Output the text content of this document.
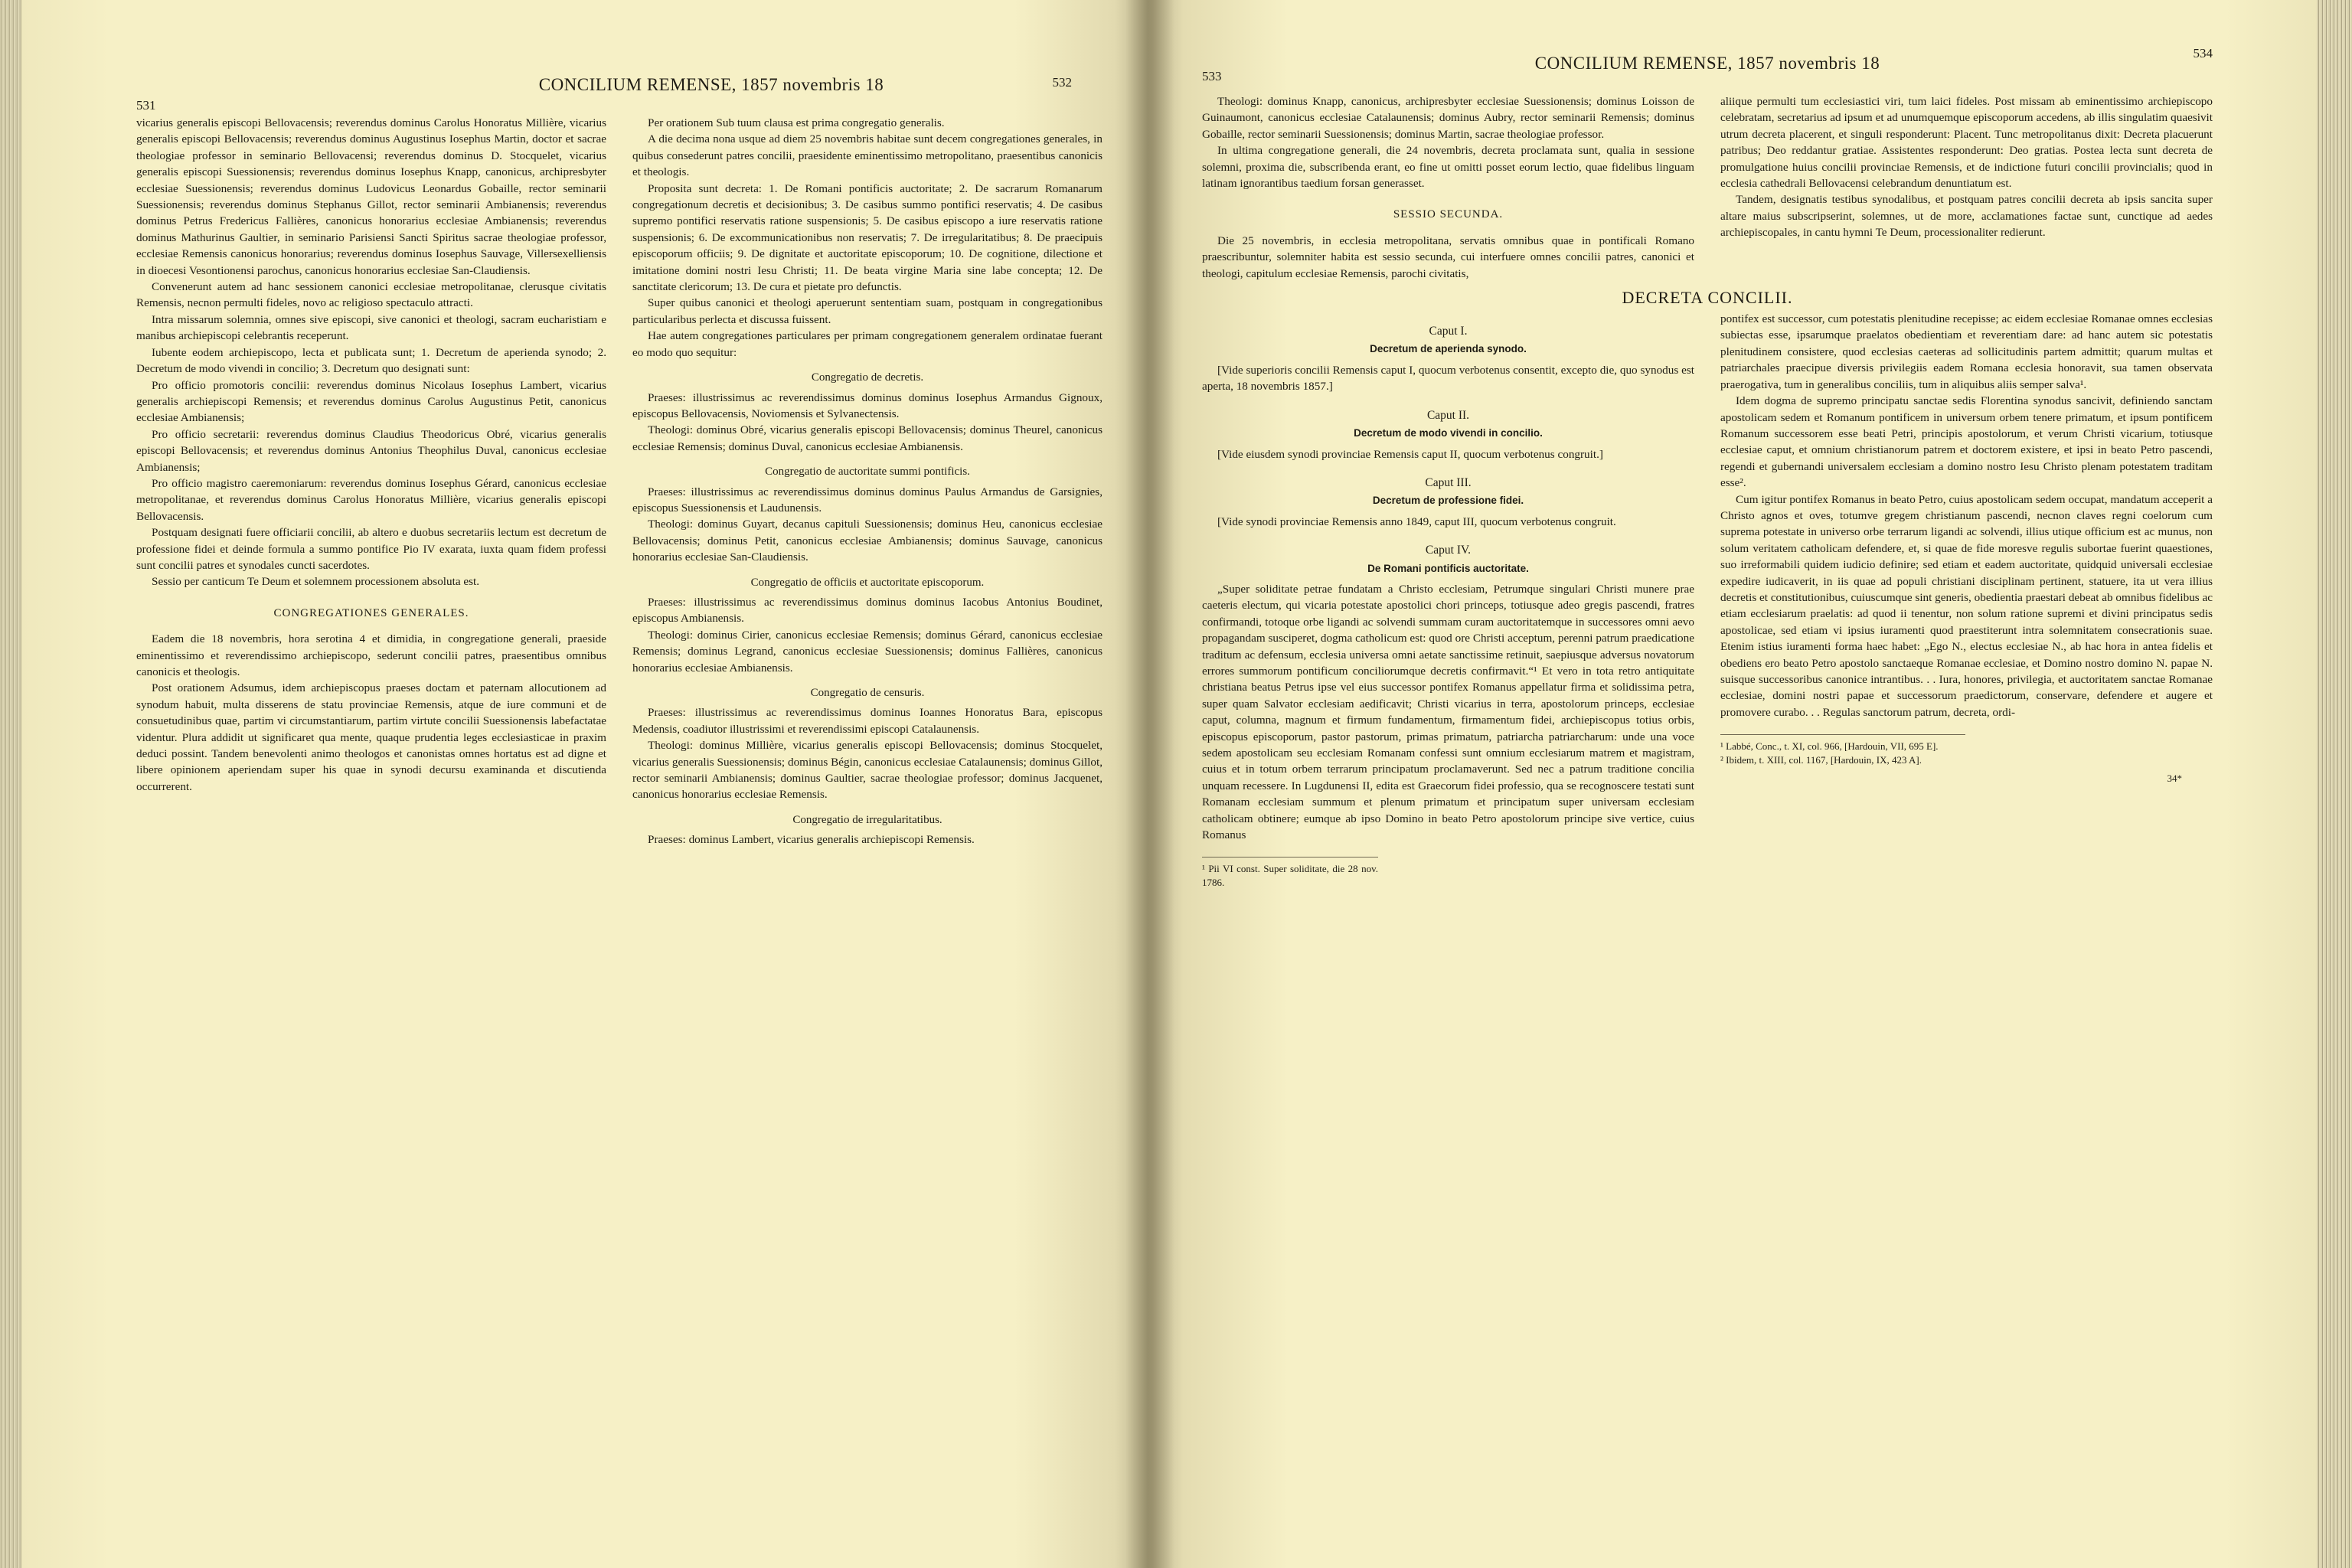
531
CONCILIUM REMENSE, 1857 novembris 18	532

vicarius generalis episcopi Bellovacensis; reverendus dominus Carolus Honoratus Millière, vicarius generalis episcopi Bellovacensis; reverendus dominus Augustinus Iosephus Martin, doctor et sacrae theologiae professor in seminario Bellovacensi; reverendus dominus D. Stocquelet, vicarius generalis episcopi Suessionensis; reverendus dominus Iosephus Knapp, canonicus, archipresbyter ecclesiae Suessionensis; reverendus dominus Ludovicus Leonardus Gobaille, rector seminarii Suessionensis; reverendus dominus Stephanus Gillot, rector seminarii Ambianensis; reverendus dominus Petrus Fredericus Fallières, canonicus honorarius ecclesiae Ambianensis; reverendus dominus Mathurinus Gaultier, in seminario Parisiensi Sancti Spiritus sacrae theologiae professor, ecclesiae Remensis canonicus honorarius; reverendus dominus Iosephus Sauvage, Villersexelliensis in dioecesi Vesontionensi parochus, canonicus honorarius ecclesiae San-Claudiensis.

Convenerunt autem ad hanc sessionem canonici ecclesiae metropolitanae, clerusque civitatis Remensis, necnon permulti fideles, novo ac religioso spectaculo attracti.

Intra missarum solemnia, omnes sive episcopi, sive canonici et theologi, sacram eucharistiam e manibus archiepiscopi celebrantis receperunt.

Iubente eodem archiepiscopo, lecta et publicata sunt; 1. Decretum de aperienda synodo; 2. Decretum de modo vivendi in concilio; 3. Decretum quo designati sunt:

Pro officio promotoris concilii: reverendus dominus Nicolaus Iosephus Lambert, vicarius generalis archiepiscopi Remensis; et reverendus dominus Carolus Augustinus Petit, canonicus ecclesiae Ambianensis;

Pro officio secretarii: reverendus dominus Claudius Theodoricus Obré, vicarius generalis episcopi Bellovacensis; et reverendus dominus Antonius Theophilus Duval, canonicus ecclesiae Ambianensis;

Pro officio magistro caeremoniarum: reverendus dominus Iosephus Gérard, canonicus ecclesiae metropolitanae, et reverendus dominus Carolus Honoratus Millière, vicarius generalis episcopi Bellovacensis.

Postquam designati fuere officiarii concilii, ab altero e duobus secretariis lectum est decretum de professione fidei et deinde formula a summo pontifice Pio IV exarata, iuxta quam fidem professi sunt concilii patres et synodales cuncti sacerdotes.

Sessio per canticum Te Deum et solemnem processionem absoluta est.

CONGREGATIONES GENERALES.

Eadem die 18 novembris, hora serotina 4 et dimidia, in congregatione generali, praeside eminentissimo et reverendissimo archiepiscopo, sederunt concilii patres, praesentibus omnibus canonicis et theologis.

Post orationem Adsumus, idem archiepiscopus praeses doctam et paternam allocutionem ad synodum habuit, multa disserens de statu provinciae Remensis, atque de iure communi et de consuetudinibus quae, partim vi circumstantiarum, partim virtute concilii Suessionensis labefactatae videntur. Plura addidit ut significaret qua mente, quaque prudentia leges ecclesiasticae in praxim deduci possint. Tandem benevolenti animo theologos et canonistas omnes hortatus est ad digne et libere opinionem aperiendam super his quae in synodi decursu examinanda et discutienda occurrerent.

Per orationem Sub tuum clausa est prima congregatio generalis.

A die decima nona usque ad diem 25 novembris habitae sunt decem congregationes generales, in quibus consederunt patres concilii, praesidente eminentissimo metropolitano, praesentibus canonicis et theologis.

Proposita sunt decreta: 1. De Romani pontificis auctoritate; 2. De sacrarum Romanarum congregationum decretis et decisionibus; 3. De casibus summo pontifici reservatis; 4. De casibus supremo pontifici reservatis ratione suspensionis; 5. De casibus episcopo a iure reservatis ratione suspensionis; 6. De excommunicationibus non reservatis; 7. De irregularitatibus; 8. De praecipuis episcoporum officiis; 9. De dignitate et auctoritate episcoporum; 10. De cognitione, dilectione et imitatione domini nostri Iesu Christi; 11. De beata virgine Maria sine labe concepta; 12. De sanctitate clericorum; 13. De cura et pietate pro defunctis.

Super quibus canonici et theologi aperuerunt sententiam suam, postquam in congregationibus particularibus perlecta et discussa fuissent.

Hae autem congregationes particulares per primam congregationem generalem ordinatae fuerant eo modo quo sequitur:

Congregatio de decretis.

Praeses: illustrissimus ac reverendissimus dominus dominus Iosephus Armandus Gignoux, episcopus Bellovacensis, Noviomensis et Sylvanectensis.

Theologi: dominus Obré, vicarius generalis episcopi Bellovacensis; dominus Theurel, canonicus ecclesiae Remensis; dominus Duval, canonicus ecclesiae Ambianensis.

Congregatio de auctoritate summi pontificis.

Praeses: illustrissimus ac reverendissimus dominus dominus Paulus Armandus de Garsignies, episcopus Suessionensis et Laudunensis.

Theologi: dominus Guyart, decanus capituli Suessionensis; dominus Heu, canonicus ecclesiae Bellovacensis; dominus Petit, canonicus ecclesiae Ambianensis; dominus Sauvage, canonicus honorarius ecclesiae San-Claudiensis.

Congregatio de officiis et auctoritate episcoporum.

Praeses: illustrissimus ac reverendissimus dominus dominus Iacobus Antonius Boudinet, episcopus Ambianensis.

Theologi: dominus Cirier, canonicus ecclesiae Remensis; dominus Gérard, canonicus ecclesiae Remensis; dominus Legrand, canonicus ecclesiae Suessionensis; dominus Fallières, canonicus honorarius ecclesiae Ambianensis.

Congregatio de censuris.

Praeses: illustrissimus ac reverendissimus dominus Ioannes Honoratus Bara, episcopus Medensis, coadiutor illustrissimi et reverendissimi episcopi Catalaunensis.

Theologi: dominus Millière, vicarius generalis episcopi Bellovacensis; dominus Stocquelet, vicarius generalis Suessionensis; dominus Bégin, canonicus ecclesiae Catalaunensis; dominus Gillot, rector seminarii Ambianensis; dominus Gaultier, sacrae theologiae professor; dominus Jacquenet, canonicus honorarius ecclesiae Remensis.

Congregatio de irregularitatibus.

Praeses: dominus Lambert, vicarius generalis archiepiscopi Remensis.

533
CONCILIUM REMENSE, 1857 novembris 18
534

Theologi: dominus Knapp, canonicus, archipresbyter ecclesiae Suessionensis; dominus Loisson de Guinaumont, canonicus ecclesiae Catalaunensis; dominus Aubry, rector seminarii Remensis; dominus Gobaille, rector seminarii Suessionensis; dominus Martin, sacrae theologiae professor.

In ultima congregatione generali, die 24 novembris, decreta proclamata sunt, qualia in sessione solemni, proxima die, subscribenda erant, eo fine ut omitti posset eorum lectio, quae fidelibus linguam latinam ignorantibus taedium forsan generasset.

SESSIO SECUNDA.

Die 25 novembris, in ecclesia metropolitana, servatis omnibus quae in pontificali Romano praescribuntur, solemniter habita est sessio secunda, cui interfuere omnes concilii patres, canonici et theologi, capitulum ecclesiae Remensis, parochi civitatis,

aliique permulti tum ecclesiastici viri, tum laici fideles. Post missam ab eminentissimo archiepiscopo celebratam, secretarius ad ipsum et ad unumquemque episcoporum accedens, ab illis singulatim quaesivit utrum decreta placerent, et singuli responderunt: Placent. Tunc metropolitanus dixit: Decreta placuerunt patribus; Deo reddantur gratiae. Assistentes responderunt: Deo gratias. Postea lecta sunt decreta de promulgatione huius concilii provinciae Remensis, et de indictione futuri concilii provincialis; quod in ecclesia cathedrali Bellovacensi celebrandum denuntiatum est.

Tandem, designatis testibus synodalibus, et postquam patres concilii decreta ab ipsis sancita super altare maius subscripserint, solemnes, ut de more, acclamationes factae sunt, cunctique ad aedes archiepiscopales, in cantu hymni Te Deum, processionaliter redierunt.

DECRETA CONCILII.
Caput I.
Decretum de aperienda synodo.

[Vide superioris concilii Remensis caput I, quocum verbotenus consentit, excepto die, quo synodus est aperta, 18 novembris 1857.]

Caput II.
Decretum de modo vivendi in concilio.

[Vide eiusdem synodi provinciae Remensis caput II, quocum verbotenus congruit.]

Caput III.
Decretum de professione fidei.

[Vide synodi provinciae Remensis anno 1849, caput III, quocum verbotenus congruit.

Caput IV.
De Romani pontificis auctoritate.

„Super soliditate petrae fundatam a Christo ecclesiam, Petrumque singulari Christi munere prae caeteris electum, qui vicaria potestate apostolici chori princeps, totiusque adeo gregis pascendi, fratres confirmandi, totoque orbe ligandi ac solvendi summam curam auctoritatemque in successores omni aevo propagandam susciperet, dogma catholicum est: quod ore Christi acceptum, perenni patrum praedicatione traditum ac defensum, ecclesia universa omni aetate sanctissime retinuit, saepiusque adversus novatorum errores summorum pontificum conciliorumque decretis confirmavit.“¹ Et vero in tota retro antiquitate christiana beatus Petrus ipse vel eius successor pontifex Romanus appellatur firma et solidissima petra, super quam Salvator ecclesiam aedificavit; Christi vicarius in terra, apostolorum princeps, ecclesiae caput, columna, magnum et firmum fundamentum, firmamentum fidei, archiepiscopus totius orbis, episcopus episcoporum, pastor pastorum, primas primatum, patriarcha patriarcharum: unde una voce sedem apostolicam seu ecclesiam Romanam confessi sunt omnium ecclesiarum matrem et magistram, cuius et in totum orbem terrarum principatum proclamaverunt. Sed nec a patrum traditione concilia unquam recessere. In Lugdunensi II, edita est Graecorum fidei professio, qua se recognoscere testati sunt Romanam ecclesiam summum et plenum primatum et principatum super universam ecclesiam catholicam obtinere; eumque ab ipso Domino in beato Petro apostolorum principe sive vertice, cuius Romanus

¹ Pii VI const. Super soliditate, die 28 nov. 1786.

pontifex est successor, cum potestatis plenitudine recepisse; ac eidem ecclesiae Romanae omnes ecclesias subiectas esse, ipsarumque praelatos obedientiam et reverentiam dare: ad hanc autem sic potestatis plenitudinem consistere, quod ecclesias caeteras ad sollicitudinis partem admittit; quarum multas et patriarchales praecipue diversis privilegiis eadem Romana ecclesia honoravit, sua tamen observata praerogativa, tum in generalibus conciliis, tum in aliquibus aliis semper salva¹.

Idem dogma de supremo principatu sanctae sedis Florentina synodus sancivit, definiendo sanctam apostolicam sedem et Romanum pontificem in universum orbem tenere primatum, et ipsum pontificem Romanum successorem esse beati Petri, principis apostolorum, et verum Christi vicarium, totiusque ecclesiae caput, et omnium christianorum patrem et doctorem existere, et ipsi in beato Petro pascendi, regendi et gubernandi universalem ecclesiam a domino nostro Iesu Christo plenam potestatem traditam esse².

Cum igitur pontifex Romanus in beato Petro, cuius apostolicam sedem occupat, mandatum acceperit a Christo agnos et oves, totumve gregem christianum pascendi, necnon claves regni coelorum cum suprema potestate in universo orbe terrarum ligandi ac solvendi, illius utique officium est ac munus, non solum veritatem catholicam defendere, et, si quae de fide moresve regulis subortae fuerint quaestiones, suo irreformabili quidem iudicio definire; sed etiam et eadem auctoritate, quidquid universali ecclesiae expedire iudicaverit, in iis quae ad populi christiani disciplinam pertinent, statuere, ita ut vera illius decretis et constitutionibus, cuiuscumque sint generis, obedientia praestari debeat ab omnibus fidelibus ac etiam ecclesiarum praelatis: ad quod ii tenentur, non solum ratione supremi et divini principatus sedis apostolicae, sed etiam vi ipsius iuramenti quod praestiterunt intra solemnitatem consecrationis suae. Etenim istius iuramenti forma haec habet: „Ego N., electus ecclesiae N., ab hac hora in antea fidelis et obediens ero beato Petro apostolo sanctaeque Romanae ecclesiae, et Domino nostro domino N. papae N. suisque successoribus canonice intrantibus. . . Iura, honores, privilegia, et auctoritatem sanctae Romanae ecclesiae, domini nostri papae et successorum praedictorum, conservare, defendere et augere et promovere curabo. . . Regulas sanctorum patrum, decreta, ordi-

¹ Labbé, Conc., t. XI, col. 966, [Hardouin, VII, 695 E].

² Ibidem, t. XIII, col. 1167, [Hardouin, IX, 423 A].

34*
